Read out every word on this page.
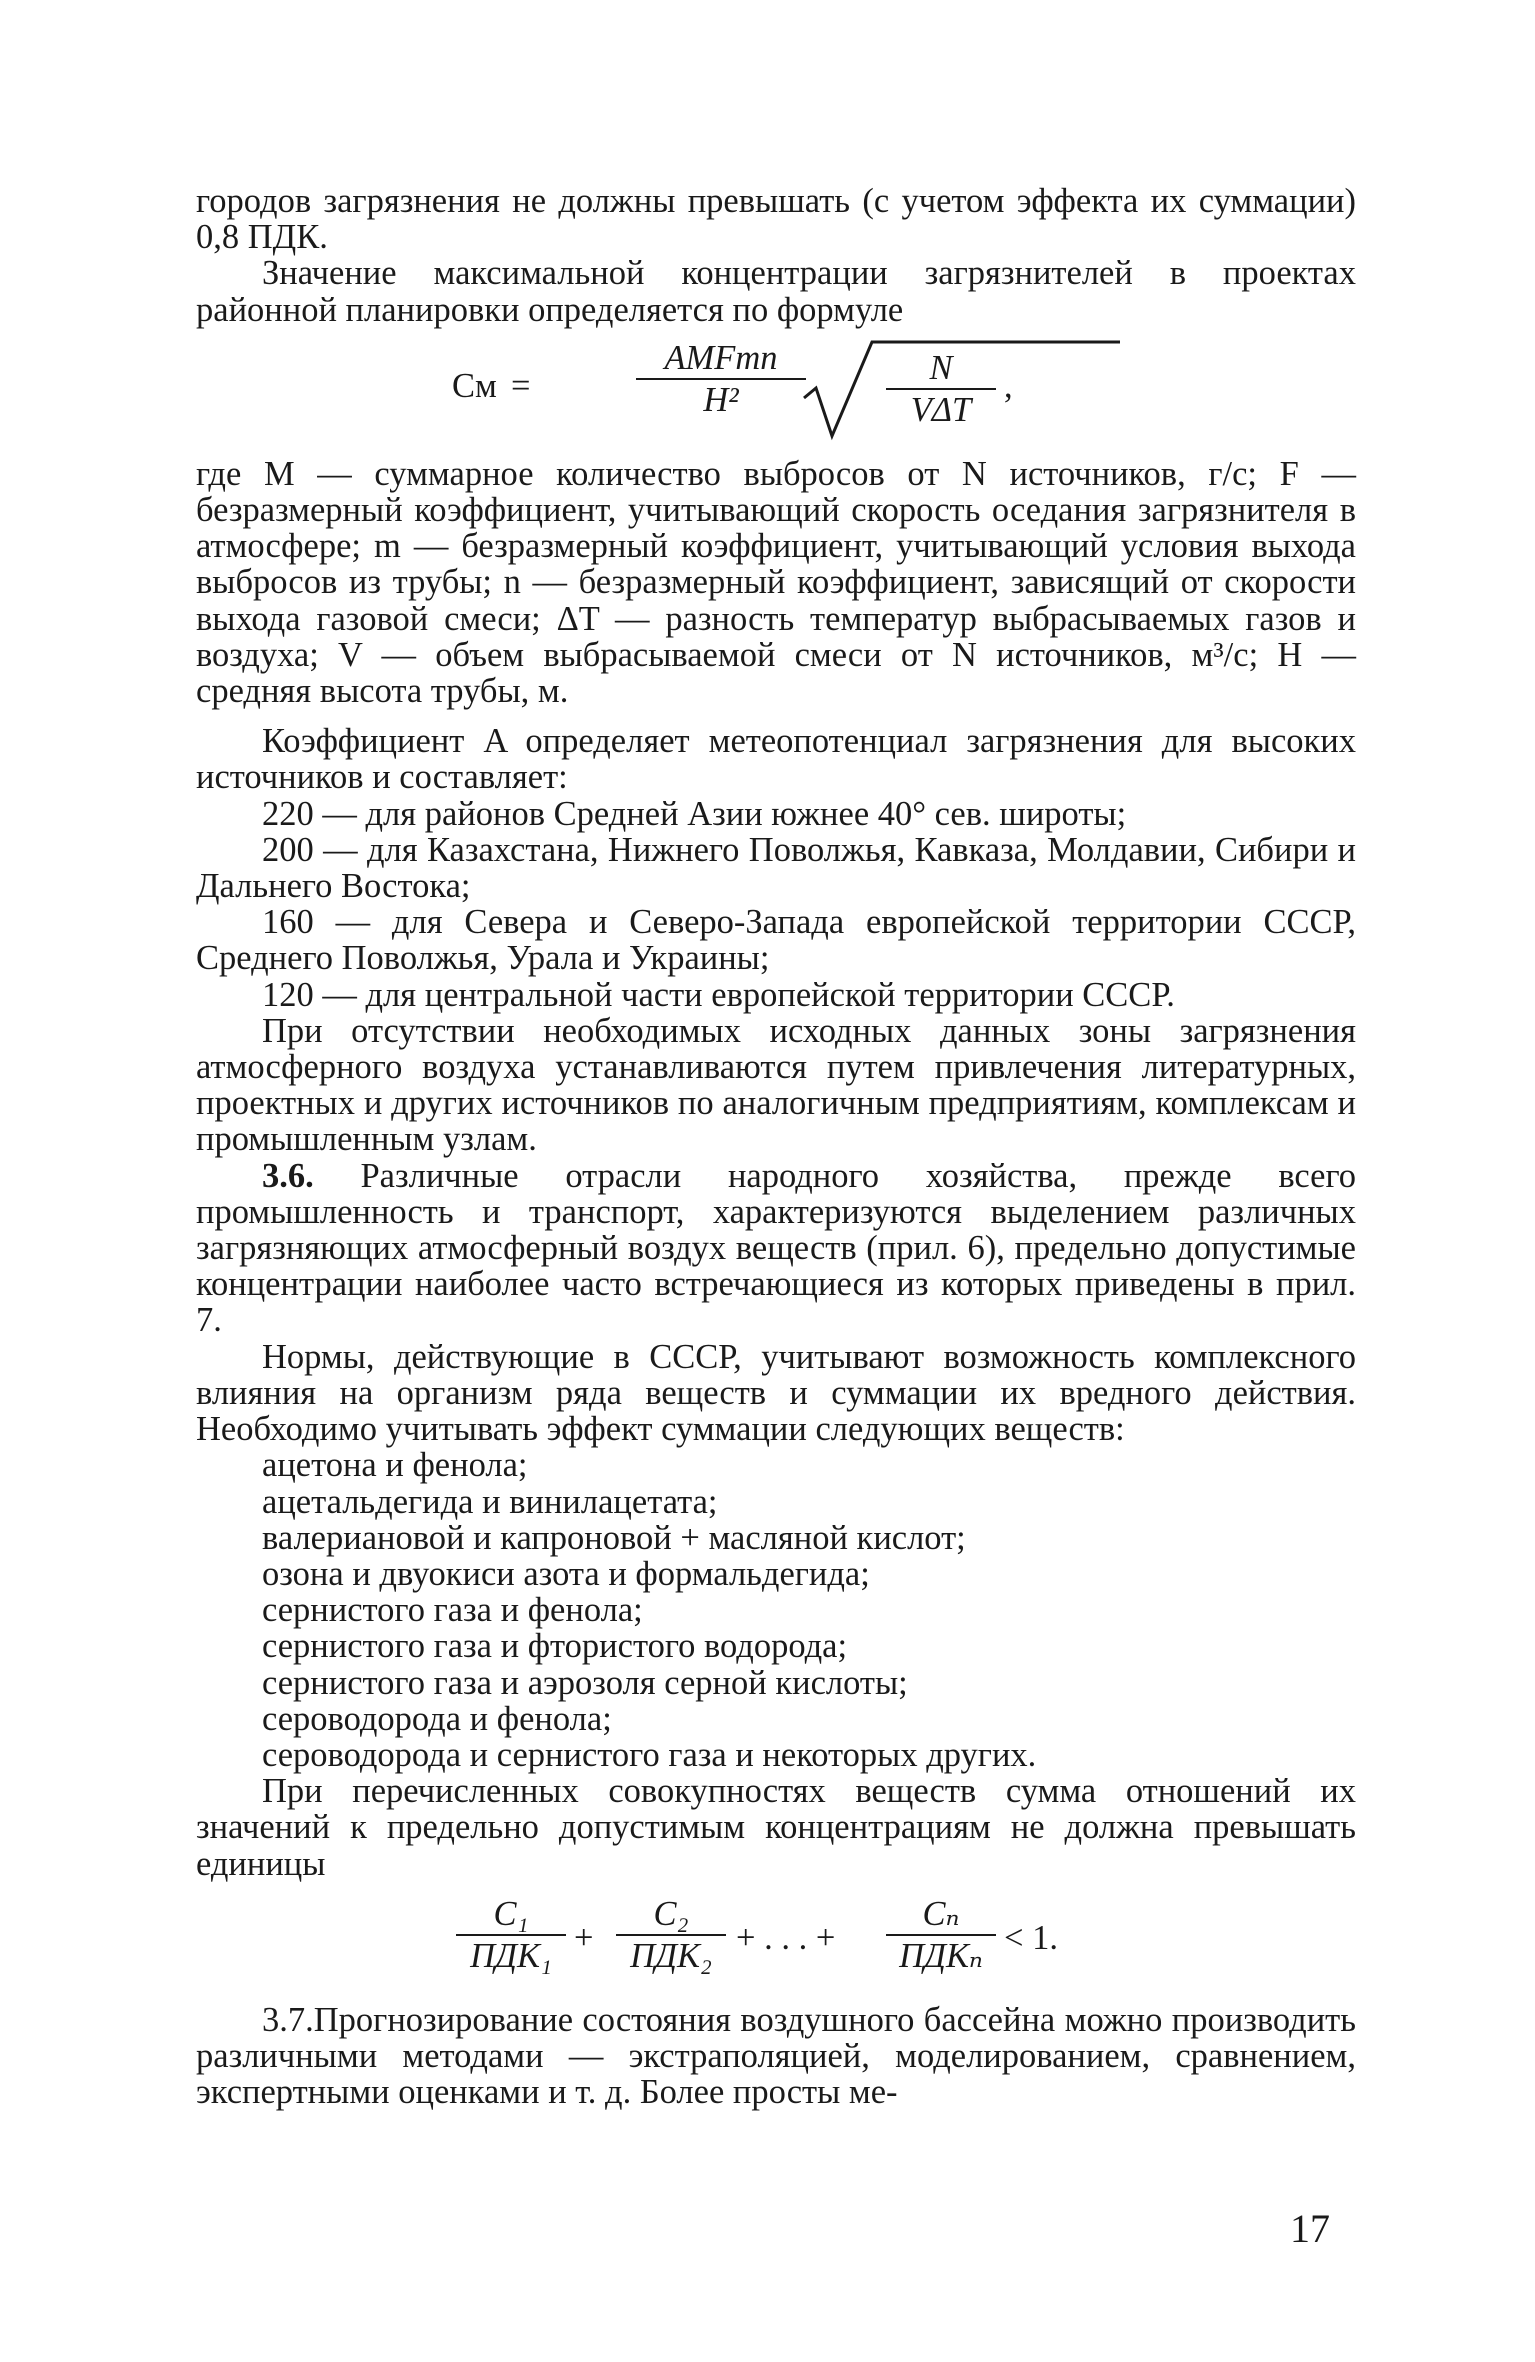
городов загрязнения не должны превышать (с учетом эффекта их суммации) 0,8 ПДК.

Значение максимальной концентрации загрязнителей в проектах районной планировки определяется по формуле

Cм =
AMFmn
H²
N
VΔT
,

где M — суммарное количество выбросов от N источников, г/с; F — безразмерный коэффициент, учитывающий скорость оседания загрязнителя в атмосфере; m — безразмерный коэффициент, учитывающий условия выхода выбросов из трубы; n — безразмерный коэффициент, зависящий от скорости выхода газовой смеси; ΔT — разность температур выбрасываемых газов и воздуха; V — объем выбрасываемой смеси от N источников, м³/с; H — средняя высота трубы, м.

Коэффициент A определяет метеопотенциал загрязнения для высоких источников и составляет:

220 — для районов Средней Азии южнее 40° сев. широты;

200 — для Казахстана, Нижнего Поволжья, Кавказа, Молдавии, Сибири и Дальнего Востока;

160 — для Севера и Северо-Запада европейской территории СССР, Среднего Поволжья, Урала и Украины;

120 — для центральной части европейской территории СССР.

При отсутствии необходимых исходных данных зоны загрязнения атмосферного воздуха устанавливаются путем привлечения литературных, проектных и других источников по аналогичным предприятиям, комплексам и промышленным узлам.

3.6. Различные отрасли народного хозяйства, прежде всего промышленность и транспорт, характеризуются выделением различных загрязняющих атмосферный воздух веществ (прил. 6), предельно допустимые концентрации наиболее часто встречающиеся из которых приведены в прил. 7.

Нормы, действующие в СССР, учитывают возможность комплексного влияния на организм ряда веществ и суммации их вредного действия. Необходимо учитывать эффект суммации следующих веществ:

ацетона и фенола;
ацетальдегида и винилацетата;
валериановой и капроновой + масляной кислот;
озона и двуокиси азота и формальдегида;
сернистого газа и фенола;
сернистого газа и фтористого водорода;
сернистого газа и аэрозоля серной кислоты;
сероводорода и фенола;
сероводорода и сернистого газа и некоторых других.

При перечисленных совокупностях веществ сумма отношений их значений к предельно допустимым концентрациям не должна превышать единицы

C₁
ПДК₁ +
C₂
ПДК₂ + . . . +
Cₙ
ПДКₙ < 1.

3.7.Прогнозирование состояния воздушного бассейна можно производить различными методами — экстраполяцией, моделированием, сравнением, экспертными оценками и т. д. Более просты ме-

17
